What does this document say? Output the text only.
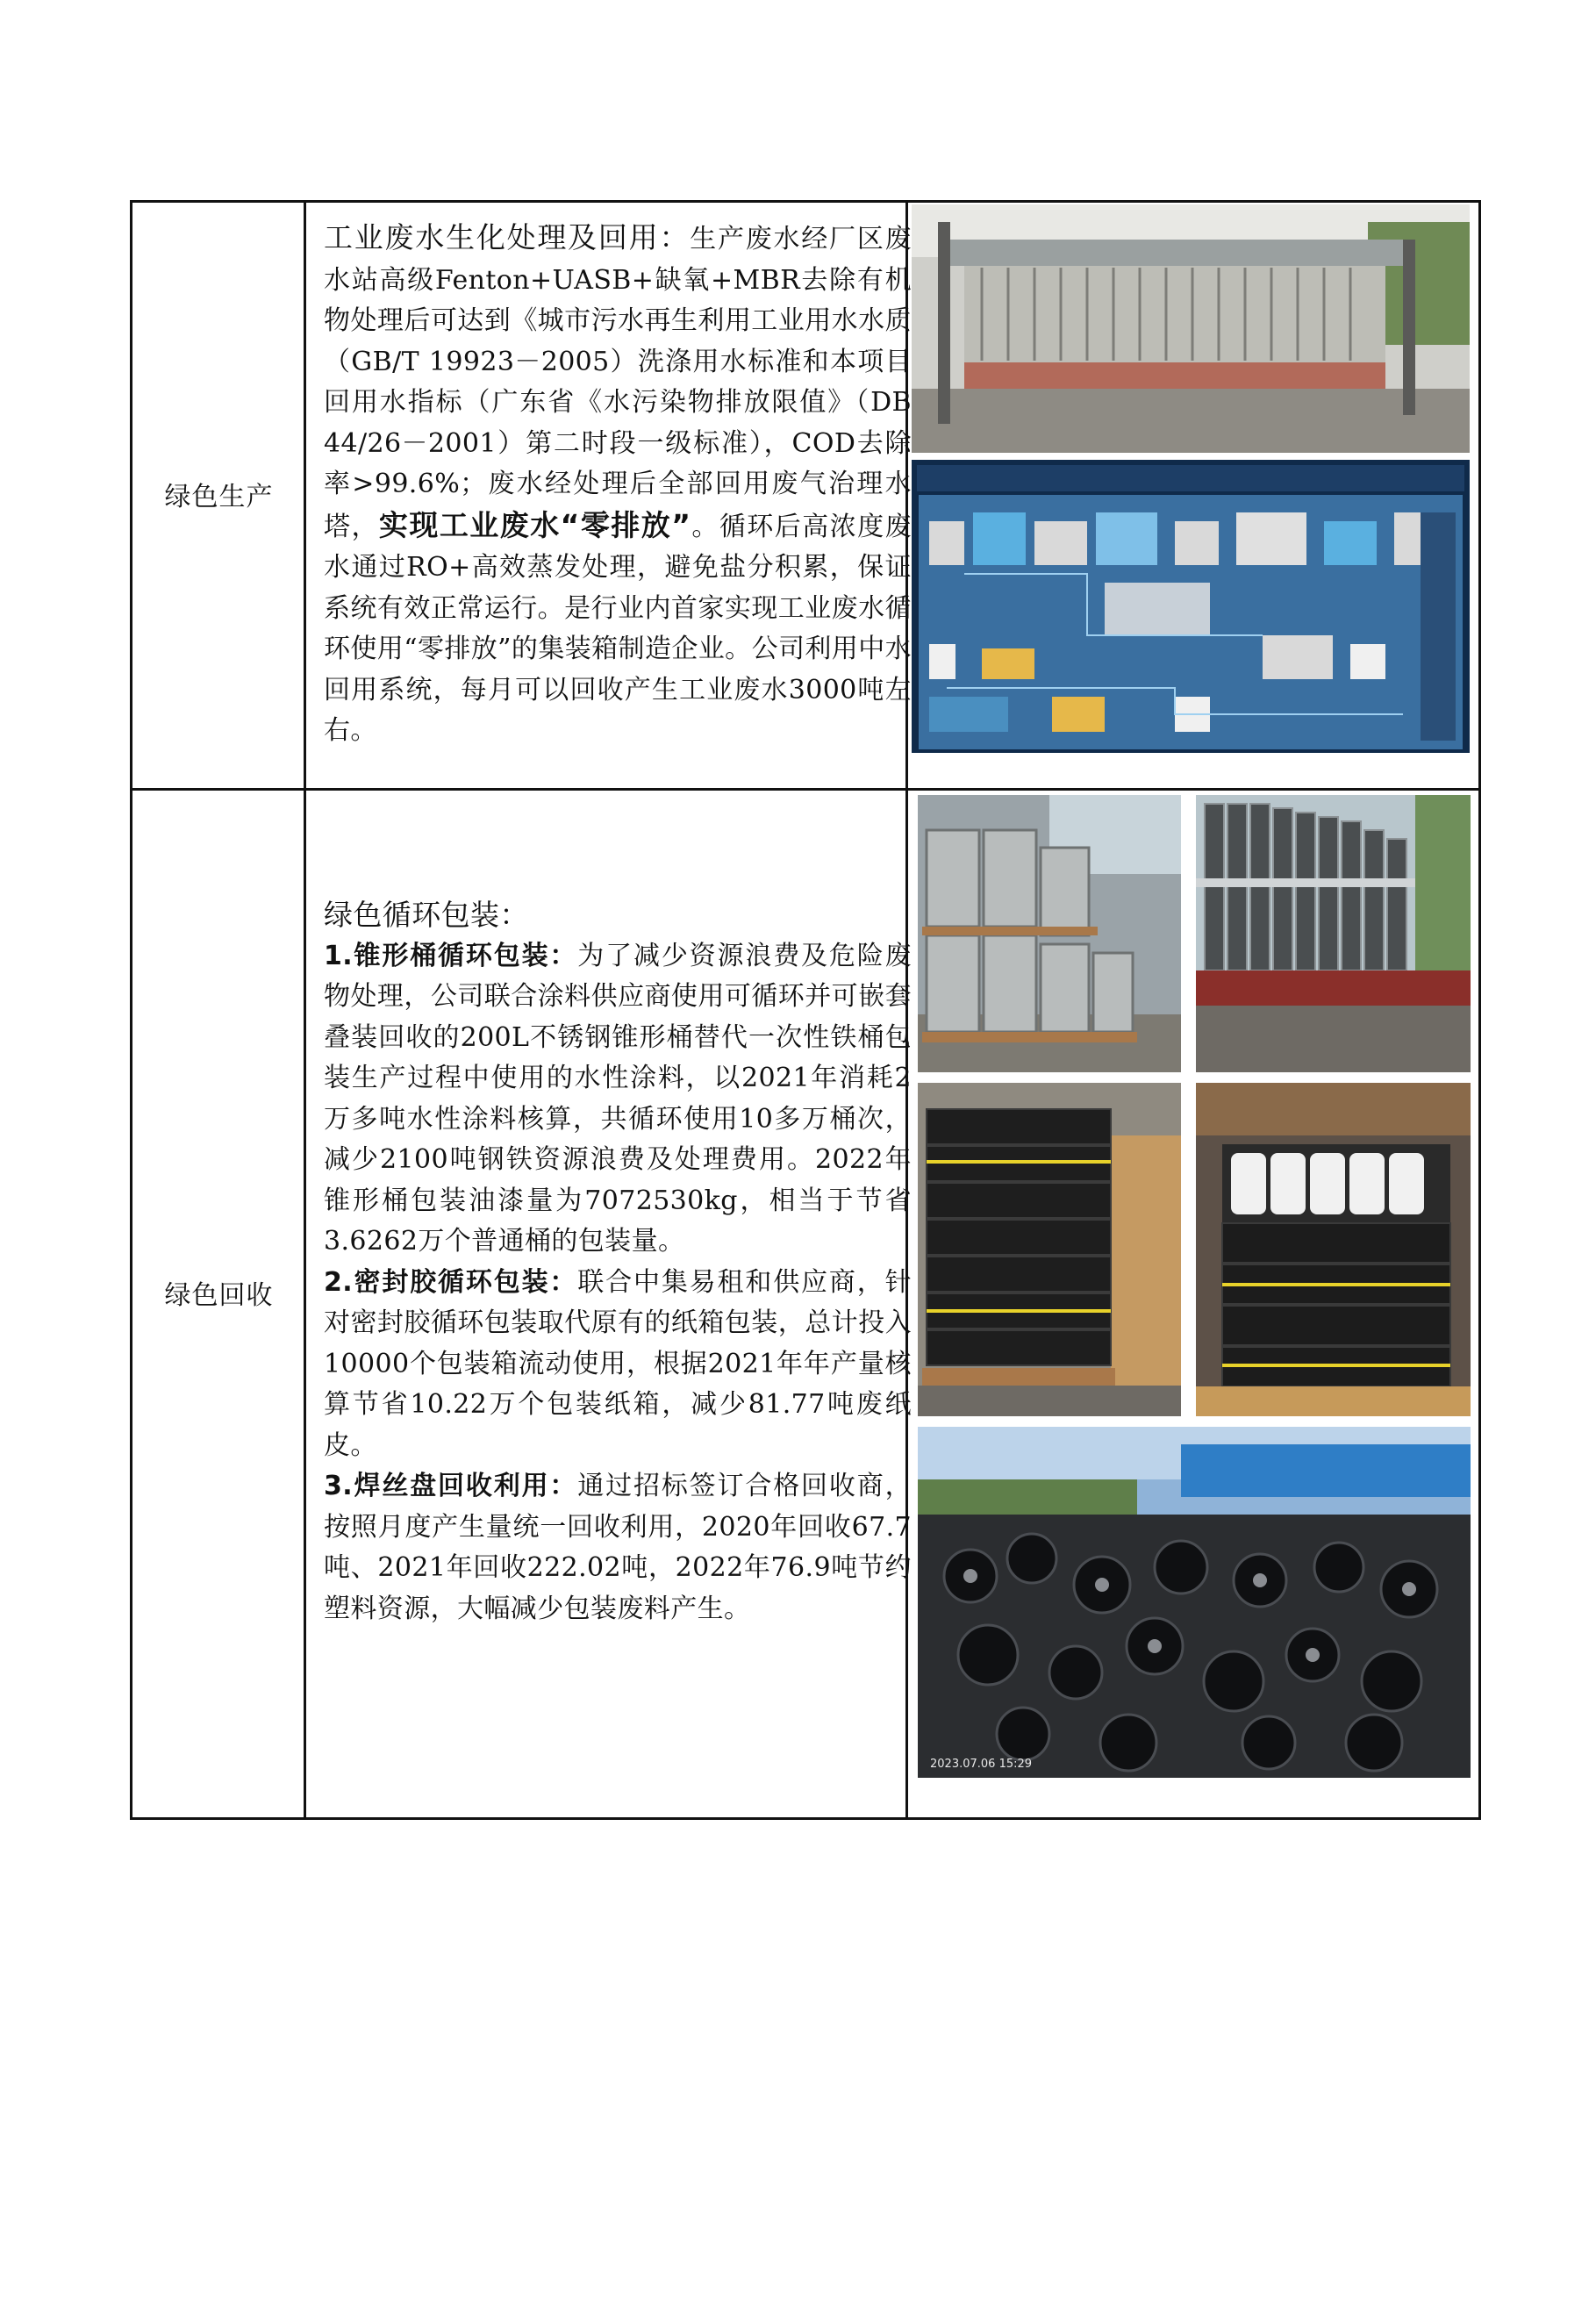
绿色生产

工业废水生化处理及回用：生产废水经厂区废水站高级Fenton+UASB+缺氧+MBR去除有机物处理后可达到《城市污水再生利用工业用水水质（GB/T 19923－2005）洗涤用水标准和本项目回用水指标（广东省《水污染物排放限值》（DB 44/26－2001）第二时段一级标准），COD去除率>99.6%；废水经处理后全部回用废气治理水塔，实现工业废水“零排放”。循环后高浓度废水通过RO+高效蒸发处理，避免盐分积累，保证系统有效正常运行。是行业内首家实现工业废水循环使用“零排放”的集装箱制造企业。公司利用中水回用系统，每月可以回收产生工业废水3000吨左右。

绿色回收

绿色循环包装：

1.锥形桶循环包装：为了减少资源浪费及危险废物处理，公司联合涂料供应商使用可循环并可嵌套叠装回收的200L不锈钢锥形桶替代一次性铁桶包装生产过程中使用的水性涂料，以2021年消耗2万多吨水性涂料核算，共循环使用10多万桶次，减少2100吨钢铁资源浪费及处理费用。2022年锥形桶包装油漆量为7072530kg，相当于节省3.6262万个普通桶的包装量。

2.密封胶循环包装：联合中集易租和供应商，针对密封胶循环包装取代原有的纸箱包装，总计投入10000个包装箱流动使用，根据2021年年产量核算节省10.22万个包装纸箱，减少81.77吨废纸皮。

3.焊丝盘回收利用：通过招标签订合格回收商，按照月度产生量统一回收利用，2020年回收67.7吨、2021年回收222.02吨，2022年76.9吨节约塑料资源，大幅减少包装废料产生。

2023.07.06 15:29
